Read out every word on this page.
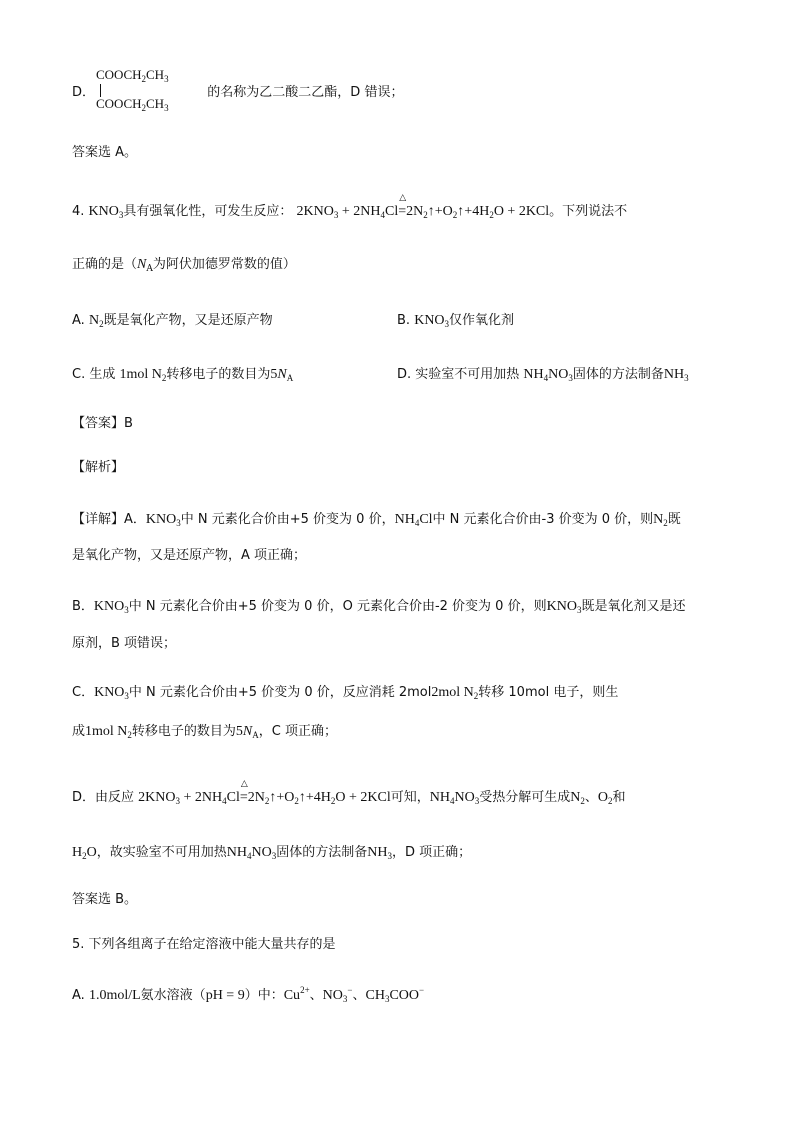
$COOCH_2CH_3$
$COOCH_2CH_3$
D．	的名称为乙二酸二乙酯，D 错误；
答案选 A。
4. $KNO_3$具有强氧化性，可发生反应： $2KNO_3 + 2NH_4Cl$
△
$=2N_2↑+O_2↑+4H_2O + 2KCl$。下列说法不
正确的是（$N_A$为阿伏加德罗常数的值）
A. $N_2$既是氧化产物，又是还原产物	B. $KNO_3$仅作氧化剂
C. 生成 1mol $N_2$转移电子的数目为$5N_A$	D. 实验室不可用加热 $NH_4NO_3$固体的方法制备$NH_3$
【答案】B
【解析】
【详解】A．$KNO_3$中 N 元素化合价由+5 价变为 0 价，$NH_4Cl$中 N 元素化合价由-3 价变为 0 价，则$N_2$既
是氧化产物，又是还原产物，A 项正确；
B．$KNO_3$中 N 元素化合价由+5 价变为 0 价，O 元素化合价由-2 价变为 0 价，则$KNO_3$既是氧化剂又是还
原剂，B 项错误；
C．$KNO_3$中 N 元素化合价由+5 价变为 0 价，反应消耗 2mol2mol $N_2$转移 10mol 电子，则生
成1mol $N_2$转移电子的数目为$5N_A$，C 项正确；
D．由反应 $2KNO_3 + 2NH_4Cl$
△
$=2N_2↑+O_2↑+4H_2O + 2KCl$可知，$NH_4NO_3$受热分解可生成$N_2$、$O_2$和
$H_2O$，故实验室不可用加热$NH_4NO_3$固体的方法制备$NH_3$，D 项正确；
答案选 B。
5. 下列各组离子在给定溶液中能大量共存的是
A. 1.0mol/L氨水溶液（pH = 9）中：$Cu^{2+}$、$NO_3^-$、$CH_3COO^-$
